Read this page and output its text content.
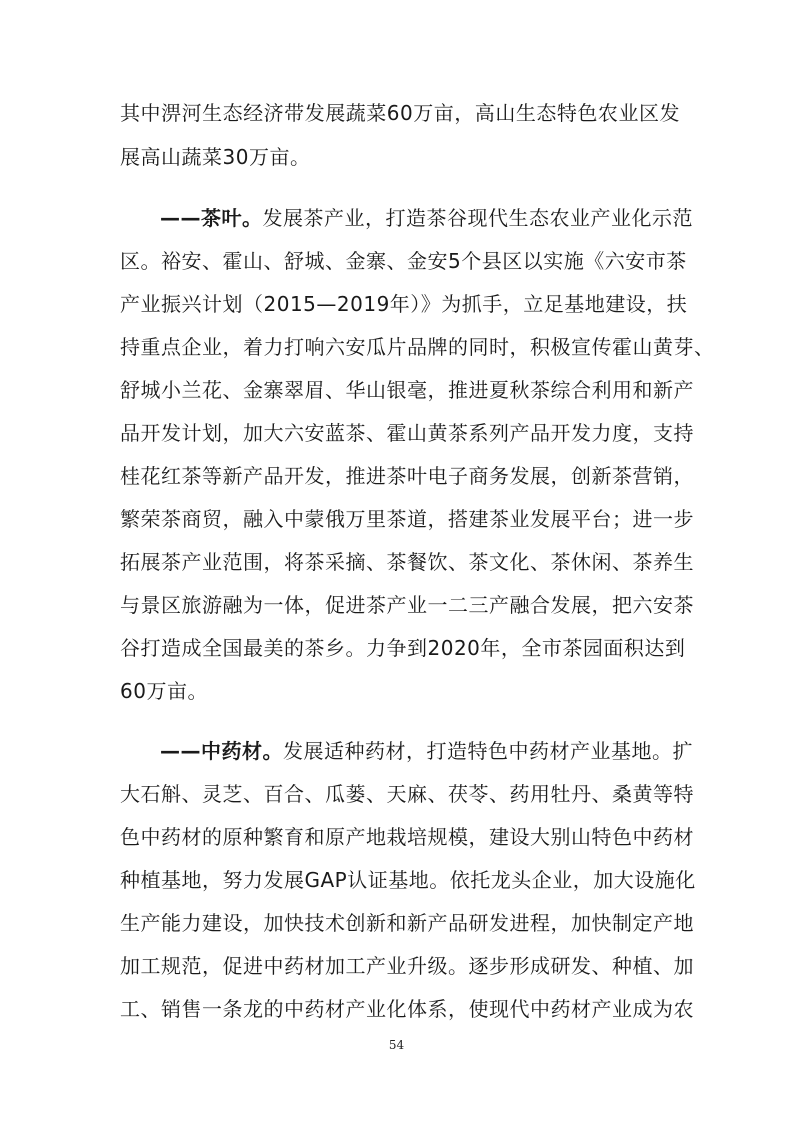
其中淠河生态经济带发展蔬菜60万亩，高山生态特色农业区发
展高山蔬菜30万亩。
——茶叶。发展茶产业，打造茶谷现代生态农业产业化示范
区。裕安、霍山、舒城、金寨、金安5个县区以实施《六安市茶
产业振兴计划（2015—2019年）》为抓手，立足基地建设，扶
持重点企业，着力打响六安瓜片品牌的同时，积极宣传霍山黄芽、
舒城小兰花、金寨翠眉、华山银毫，推进夏秋茶综合利用和新产
品开发计划，加大六安蓝茶、霍山黄茶系列产品开发力度，支持
桂花红茶等新产品开发，推进茶叶电子商务发展，创新茶营销，
繁荣茶商贸，融入中蒙俄万里茶道，搭建茶业发展平台；进一步
拓展茶产业范围，将茶采摘、茶餐饮、茶文化、茶休闲、茶养生
与景区旅游融为一体，促进茶产业一二三产融合发展，把六安茶
谷打造成全国最美的茶乡。力争到2020年，全市茶园面积达到
60万亩。
——中药材。发展适种药材，打造特色中药材产业基地。扩
大石斛、灵芝、百合、瓜蒌、天麻、茯苓、药用牡丹、桑黄等特
色中药材的原种繁育和原产地栽培规模，建设大别山特色中药材
种植基地，努力发展GAP认证基地。依托龙头企业，加大设施化
生产能力建设，加快技术创新和新产品研发进程，加快制定产地
加工规范，促进中药材加工产业升级。逐步形成研发、种植、加
工、销售一条龙的中药材产业化体系，使现代中药材产业成为农
54
